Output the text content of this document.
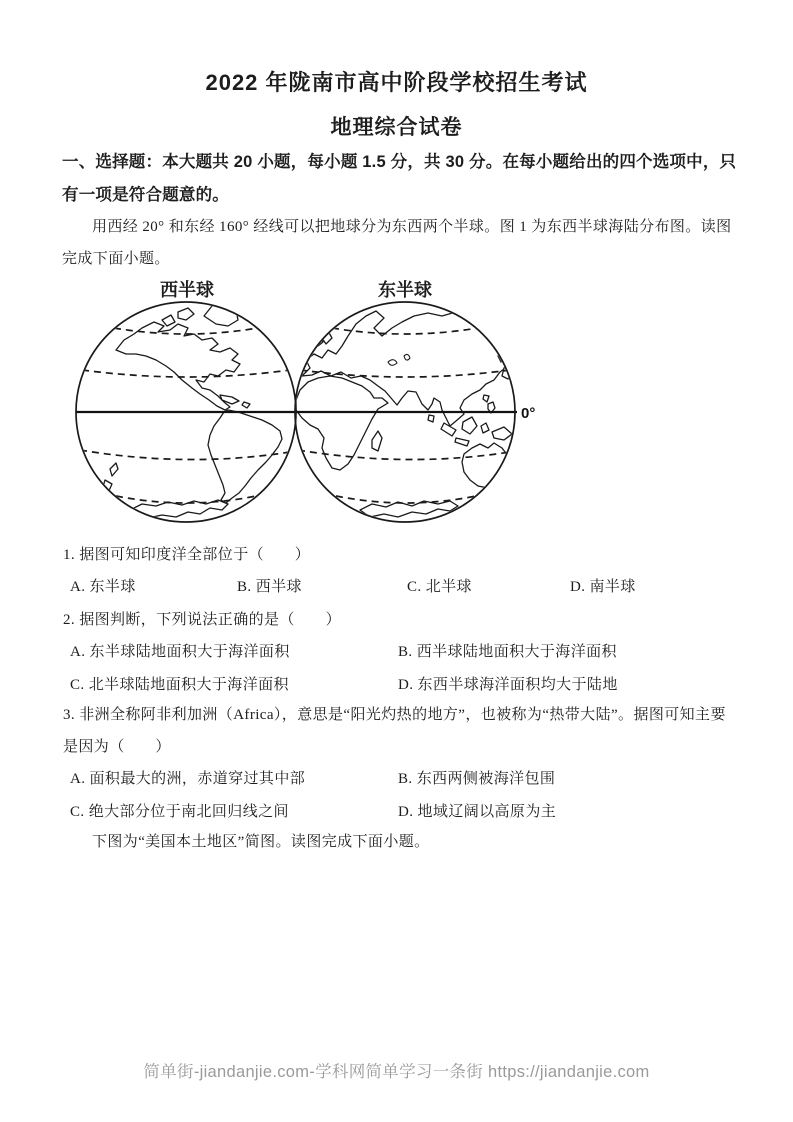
2022 年陇南市高中阶段学校招生考试
地理综合试卷
一、选择题：本大题共 20 小题，每小题 1.5 分，共 30 分。在每小题给出的四个选项中，只有一项是符合题意的。
用西经 20° 和东经 160° 经线可以把地球分为东西两个半球。图 1 为东西半球海陆分布图。读图完成下面小题。
西半球	东半球
0°
1. 据图可知印度洋全部位于（　　）
A. 东半球	B. 西半球	C. 北半球	D. 南半球
2. 据图判断，下列说法正确的是（　　）
A. 东半球陆地面积大于海洋面积	B. 西半球陆地面积大于海洋面积
C. 北半球陆地面积大于海洋面积	D. 东西半球海洋面积均大于陆地
3. 非洲全称阿非利加洲（Africa），意思是“阳光灼热的地方”，也被称为“热带大陆”。据图可知主要是因为（　　）
A. 面积最大的洲，赤道穿过其中部	B. 东西两侧被海洋包围
C. 绝大部分位于南北回归线之间	D. 地域辽阔以高原为主
下图为“美国本土地区”简图。读图完成下面小题。
简单街-jiandanjie.com-学科网简单学习一条街 https://jiandanjie.com
